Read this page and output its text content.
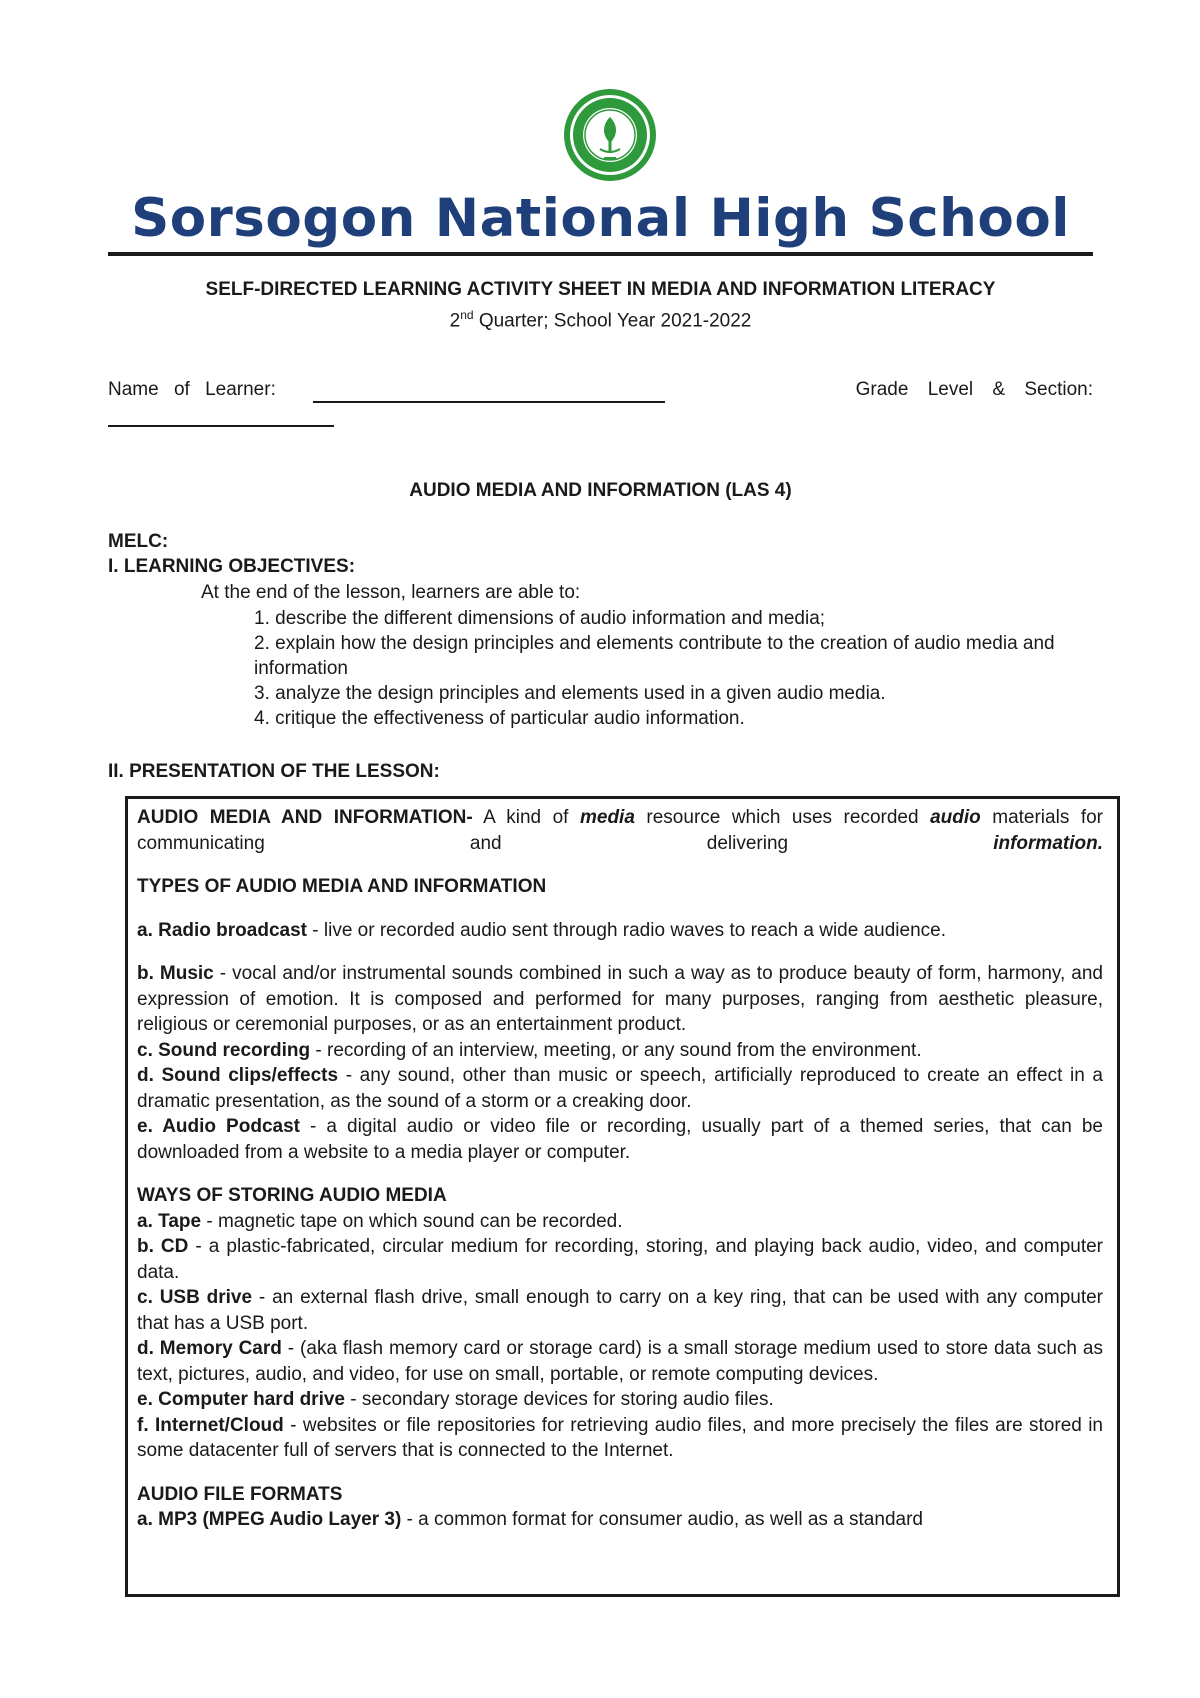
Sorsogon National High School
SELF-DIRECTED LEARNING ACTIVITY SHEET IN MEDIA AND INFORMATION LITERACY
2nd Quarter; School Year 2021-2022
Name of Learner:	Grade Level & Section:
AUDIO MEDIA AND INFORMATION (LAS 4)
MELC:
I. LEARNING OBJECTIVES:
At the end of the lesson, learners are able to:
1. describe the different dimensions of audio information and media;
2. explain how the design principles and elements contribute to the creation of audio media and information
3. analyze the design principles and elements used in a given audio media.
4. critique the effectiveness of particular audio information.
II. PRESENTATION OF THE LESSON:

AUDIO MEDIA AND INFORMATION- A kind of media resource which uses recorded audio materials for communicating and delivering information.

TYPES OF AUDIO MEDIA AND INFORMATION

a. Radio broadcast - live or recorded audio sent through radio waves to reach a wide audience.

b. Music - vocal and/or instrumental sounds combined in such a way as to produce beauty of form, harmony, and expression of emotion. It is composed and performed for many purposes, ranging from aesthetic pleasure, religious or ceremonial purposes, or as an entertainment product.

c. Sound recording - recording of an interview, meeting, or any sound from the environment.

d. Sound clips/effects - any sound, other than music or speech, artificially reproduced to create an effect in a dramatic presentation, as the sound of a storm or a creaking door.

e. Audio Podcast - a digital audio or video file or recording, usually part of a themed series, that can be downloaded from a website to a media player or computer.

WAYS OF STORING AUDIO MEDIA

a. Tape - magnetic tape on which sound can be recorded.

b. CD - a plastic-fabricated, circular medium for recording, storing, and playing back audio, video, and computer data.

c. USB drive - an external flash drive, small enough to carry on a key ring, that can be used with any computer that has a USB port.

d. Memory Card - (aka flash memory card or storage card) is a small storage medium used to store data such as text, pictures, audio, and video, for use on small, portable, or remote computing devices.

e. Computer hard drive - secondary storage devices for storing audio files.

f. Internet/Cloud - websites or file repositories for retrieving audio files, and more precisely the files are stored in some datacenter full of servers that is connected to the Internet.

AUDIO FILE FORMATS

a. MP3 (MPEG Audio Layer 3) - a common format for consumer audio, as well as a standard
